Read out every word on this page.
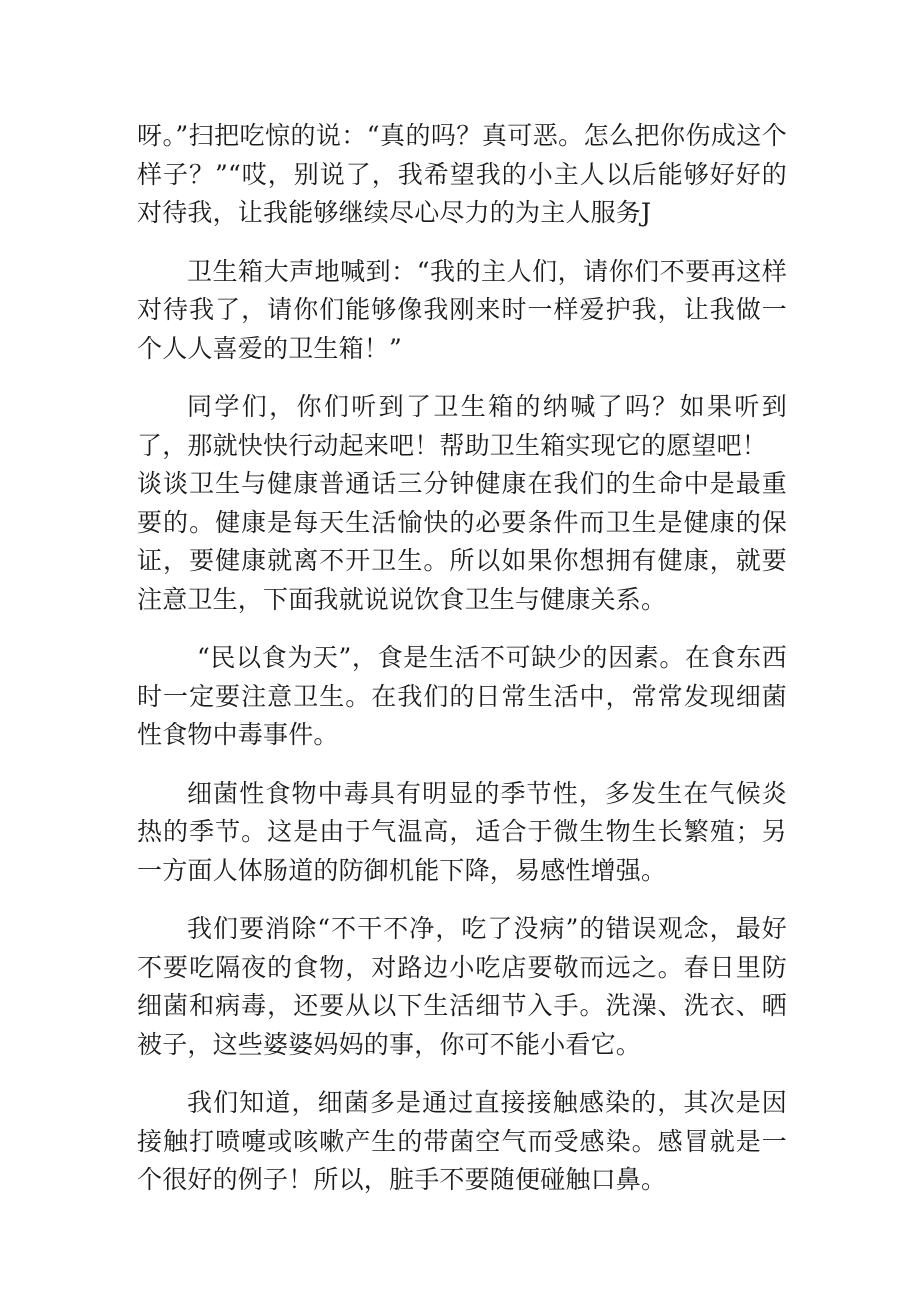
呀。”扫把吃惊的说：“真的吗？真可恶。怎么把你伤成这个样子？”“哎，别说了，我希望我的小主人以后能够好好的对待我，让我能够继续尽心尽力的为主人服务J

卫生箱大声地喊到：“我的主人们，请你们不要再这样对待我了，请你们能够像我刚来时一样爱护我，让我做一个人人喜爱的卫生箱！”

同学们，你们听到了卫生箱的纳喊了吗？如果听到了，那就快快行动起来吧！帮助卫生箱实现它的愿望吧！

谈谈卫生与健康普通话三分钟健康在我们的生命中是最重要的。健康是每天生活愉快的必要条件而卫生是健康的保证，要健康就离不开卫生。所以如果你想拥有健康，就要注意卫生，下面我就说说饮食卫生与健康关系。

“民以食为天”，食是生活不可缺少的因素。在食东西时一定要注意卫生。在我们的日常生活中，常常发现细菌性食物中毒事件。

细菌性食物中毒具有明显的季节性，多发生在气候炎热的季节。这是由于气温高，适合于微生物生长繁殖；另一方面人体肠道的防御机能下降，易感性增强。

我们要消除“不干不净，吃了没病”的错误观念，最好不要吃隔夜的食物，对路边小吃店要敬而远之。春日里防细菌和病毒，还要从以下生活细节入手。洗澡、洗衣、晒被子，这些婆婆妈妈的事，你可不能小看它。

我们知道，细菌多是通过直接接触感染的，其次是因接触打喷嚏或咳嗽产生的带菌空气而受感染。感冒就是一个很好的例子！所以，脏手不要随便碰触口鼻。
